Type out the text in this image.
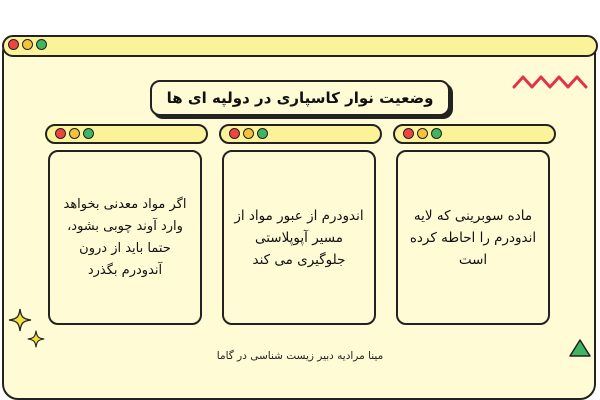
وضعیت نوار کاسپاری در دولپه ای ها
اگر مواد معدنی بخواهد وارد آوند چوبی بشود، حتما باید از درون آندودرم بگذرد
اندودرم از عبور مواد از مسیر آپوپلاستی جلوگیری می کند
ماده سوبرینی که لایه اندودرم را احاطه کرده است
مینا مرادیه دبیر زیست شناسی در گاما
